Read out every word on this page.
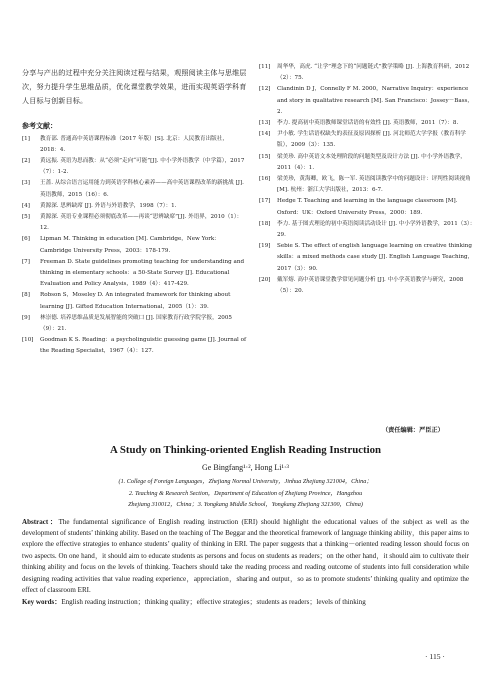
分享与产出的过程中充分关注阅读过程与结果，观照阅读主体与思维层次，努力提升学生思维品质，优化课堂教学效果，进而实现英语学科育人目标与创新目标。

参考文献：
[1]	教育部. 普通高中英语课程标准（2017 年版）[S]. 北京：人民教育出版社，2018：4.
[2]	黄远振. 英语为思而教：从“必须”走向“可能”[J]. 中小学外语教学（中学篇），2017（7）：1-2.
[3]	王蔷. 从综合语言运用能力到英语学科核心素养——高中英语课程改革的新挑战 [J]. 英语教师，2015（16）：6.
[4]	黄源深. 思辨缺席 [J]. 外语与外语教学，1998（7）：1.
[5]	黄源深. 英语专业课程必须彻底改革——再谈“思辨缺席”[J]. 外语界，2010（1）：12.
[6]	Lipman M. Thinking in education [M]. Cambridge，New York：Cambridge University Press，2003：178-179.
[7]	Freeman D. State guidelines promoting teaching for understanding and thinking in elementary schools：a 50-State Survey [J]. Educational Evaluation and Policy Analysis，1989（4）：417-429.
[8]	Robson S，Moseley D. An integrated framework for thinking about learning [J]. Gifted Education International，2005（1）：39.
[9]	林崇德. 培养思维品质是发展智能的突破口 [J]. 国家教育行政学院学报，2005（9）：21.
[10]	Goodman K S. Reading：a psycholinguistic guessing game [J]. Journal of the Reading Specialist，1967（4）：127.
[11]	周华华，高虎. “让学”理念下的“问题链式”教学策略 [J]. 上海教育科研，2012（2）：75.
[12]	Clandinin D J，Connelly F M. 2000，Narrative Inquiry：experience and story in qualitative research [M]. San Francisco：Jossey－Bass，2.
[13]	李力. 提高初中英语教师课堂话语的有效性 [J]. 英语教师，2011（7）：8.
[14]	尹小敏. 学生话语权缺失的表征及原因探析 [J]. 河北师范大学学报（教育科学版），2009（3）：135.
[15]	梁美珍. 高中英语文本处理阶段的问题类型及设计方法 [J]. 中小学外语教学，2011（4）：1.
[16]	梁美珍，黄海卿，欧飞，陈一军. 英语阅读教学中的问题设计：评判性阅读视角 [M]. 杭州：浙江大学出版社，2013：6-7.
[17]	Hedge T. Teaching and learning in the language classroom [M]. Oxford：UK：Oxford University Press，2000：189.
[18]	李力. 基于图式理论的初中英语阅读活动设计 [J]. 中小学外语教学，2011（3）：29.
[19]	Sebie S. The effect of english language learning on creative thinking skills：a mixed methods case study [J]. English Language Teaching，2017（3）：90.
[20]	戴军熔. 高中英语课堂教学常见问题分析 [J]. 中小学英语教学与研究，2008（5）：20.
（责任编辑：严臣正）

A Study on Thinking-oriented English Reading Instruction

Ge Bingfang¹·², Hong Li¹·³

(1. College of Foreign Languages，Zhejiang Normal University，Jinhua Zhejiang 321004，China；

2. Teaching & Research Section，Department of Education of Zhejiang Province，Hangzhou

Zhejiang 310012，China；3. Yongkang Middle School，Yongkang Zhejiang 321300，China)

Abstract：The fundamental significance of English reading instruction (ERI) should highlight the educational values of the subject as well as the development of students’ thinking ability. Based on the teaching of The Beggar and the theoretical framework of language thinking ability，this paper aims to explore the effective strategies to enhance students’ quality of thinking in ERI. The paper suggests that a thinking－oriented reading lesson should focus on two aspects. On one hand，it should aim to educate students as persons and focus on students as readers；on the other hand，it should aim to cultivate their thinking ability and focus on the levels of thinking. Teachers should take the reading process and reading outcome of students into full consideration while designing reading activities that value reading experience，appreciation，sharing and output，so as to promote students’ thinking quality and optimize the effect of classroom ERI.

Key words：English reading instruction；thinking quality；effective strategies；students as readers；levels of thinking

· 115 ·
